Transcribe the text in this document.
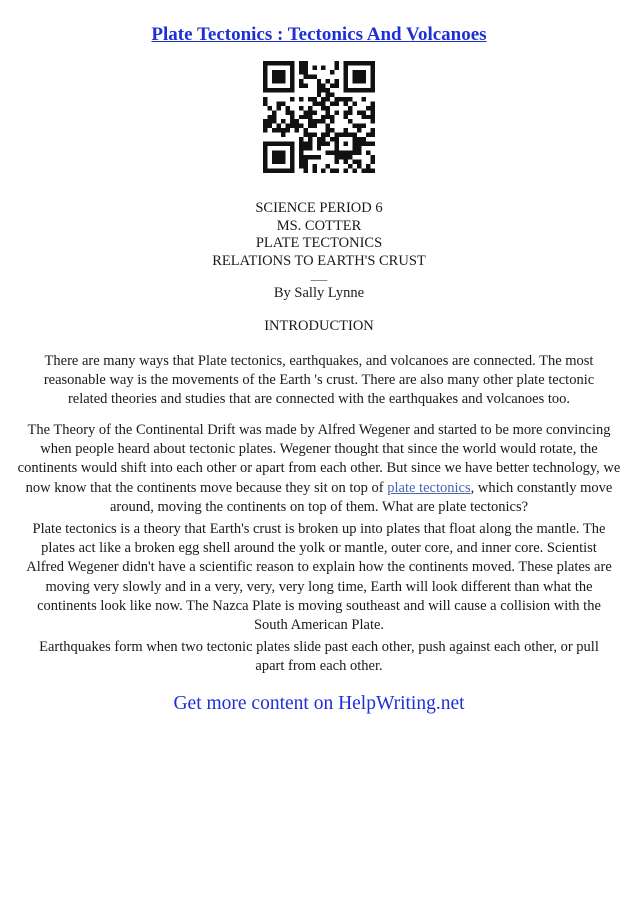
Plate Tectonics : Tectonics And Volcanoes
SCIENCE PERIOD 6
MS. COTTER
PLATE TECTONICS
RELATIONS TO EARTH'S CRUST
___
By Sally Lynne
INTRODUCTION
There are many ways that Plate tectonics, earthquakes, and volcanoes are connected. The most reasonable way is the movements of the Earth 's crust. There are also many other plate tectonic related theories and studies that are connected with the earthquakes and volcanoes too.
The Theory of the Continental Drift was made by Alfred Wegener and started to be more convincing when people heard about tectonic plates. Wegener thought that since the world would rotate, the continents would shift into each other or apart from each other. But since we have better technology, we now know that the continents move because they sit on top of plate tectonics, which constantly move around, moving the continents on top of them. What are plate tectonics?
Plate tectonics is a theory that Earth's crust is broken up into plates that float along the mantle. The plates act like a broken egg shell around the yolk or mantle, outer core, and inner core. Scientist Alfred Wegener didn't have a scientific reason to explain how the continents moved. These plates are moving very slowly and in a very, very, very long time, Earth will look different than what the continents look like now. The Nazca Plate is moving southeast and will cause a collision with the South American Plate.
Earthquakes form when two tectonic plates slide past each other, push against each other, or pull apart from each other.
Get more content on HelpWriting.net
